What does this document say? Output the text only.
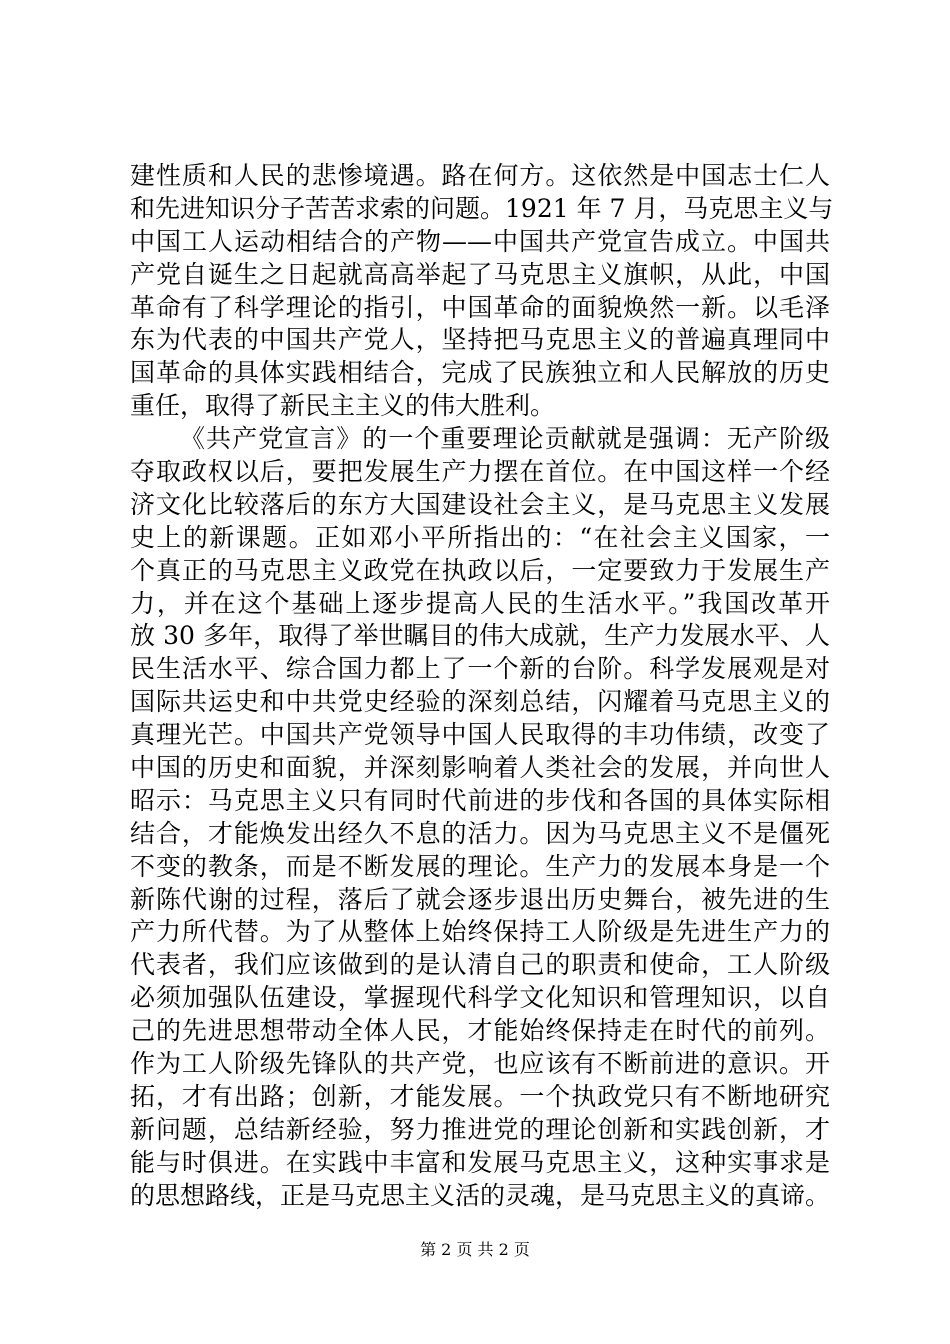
建性质和人民的悲惨境遇。路在何方。这依然是中国志士仁人
和先进知识分子苦苦求索的问题。1921 年 7 月，马克思主义与
中国工人运动相结合的产物——中国共产党宣告成立。中国共
产党自诞生之日起就高高举起了马克思主义旗帜，从此，中国
革命有了科学理论的指引，中国革命的面貌焕然一新。以毛泽
东为代表的中国共产党人，坚持把马克思主义的普遍真理同中
国革命的具体实践相结合，完成了民族独立和人民解放的历史
重任，取得了新民主主义的伟大胜利。
《共产党宣言》的一个重要理论贡献就是强调：无产阶级
夺取政权以后，要把发展生产力摆在首位。在中国这样一个经
济文化比较落后的东方大国建设社会主义，是马克思主义发展
史上的新课题。正如邓小平所指出的：“在社会主义国家，一
个真正的马克思主义政党在执政以后，一定要致力于发展生产
力，并在这个基础上逐步提高人民的生活水平。”我国改革开
放 30 多年，取得了举世瞩目的伟大成就，生产力发展水平、人
民生活水平、综合国力都上了一个新的台阶。科学发展观是对
国际共运史和中共党史经验的深刻总结，闪耀着马克思主义的
真理光芒。中国共产党领导中国人民取得的丰功伟绩，改变了
中国的历史和面貌，并深刻影响着人类社会的发展，并向世人
昭示：马克思主义只有同时代前进的步伐和各国的具体实际相
结合，才能焕发出经久不息的活力。因为马克思主义不是僵死
不变的教条，而是不断发展的理论。生产力的发展本身是一个
新陈代谢的过程，落后了就会逐步退出历史舞台，被先进的生
产力所代替。为了从整体上始终保持工人阶级是先进生产力的
代表者，我们应该做到的是认清自己的职责和使命，工人阶级
必须加强队伍建设，掌握现代科学文化知识和管理知识，以自
己的先进思想带动全体人民，才能始终保持走在时代的前列。
作为工人阶级先锋队的共产党，也应该有不断前进的意识。开
拓，才有出路；创新，才能发展。一个执政党只有不断地研究
新问题，总结新经验，努力推进党的理论创新和实践创新，才
能与时俱进。在实践中丰富和发展马克思主义，这种实事求是
的思想路线，正是马克思主义活的灵魂，是马克思主义的真谛。
第 2 页 共 2 页
